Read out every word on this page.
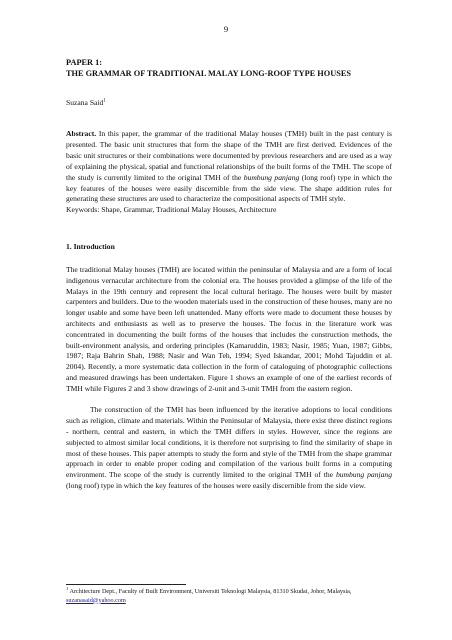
9
PAPER 1:
THE GRAMMAR OF TRADITIONAL MALAY LONG-ROOF TYPE HOUSES
Suzana Said$^1$
Abstract. In this paper, the grammar of the traditional Malay houses (TMH) built in the past century is presented. The basic unit structures that form the shape of the TMH are first derived. Evidences of the basic unit structures or their combinations were documented by previous researchers and are used as a way of explaining the physical, spatial and functional relationships of the built forms of the TMH. The scope of the study is currently limited to the original TMH of the bumbung panjang (long roof) type in which the key features of the houses were easily discernible from the side view. The shape addition rules for generating these structures are used to characterize the compositional aspects of TMH style.
Keywords: Shape, Grammar, Traditional Malay Houses, Architecture
1. Introduction

The traditional Malay houses (TMH) are located within the peninsular of Malaysia and are a form of local indigenous vernacular architecture from the colonial era. The houses provided a glimpse of the life of the Malays in the 19th century and represent the local cultural heritage. The houses were built by master carpenters and builders. Due to the wooden materials used in the construction of these houses, many are no longer usable and some have been left unattended. Many efforts were made to document these houses by architects and enthusiasts as well as to preserve the houses. The focus in the literature work was concentrated in documenting the built forms of the houses that includes the construction methods, the built-environment analysis, and ordering principles (Kamaruddin, 1983; Nasir, 1985; Yuan, 1987; Gibbs, 1987; Raja Bahrin Shah, 1988; Nasir and Wan Teh, 1994; Syed Iskandar, 2001; Mohd Tajuddin et al. 2004). Recently, a more systematic data collection in the form of cataloguing of photographic collections and measured drawings has been undertaken. Figure 1 shows an example of one of the earliest records of TMH while Figures 2 and 3 show drawings of 2-unit and 3-unit TMH from the eastern region.

The construction of the TMH has been influenced by the iterative adoptions to local conditions such as religion, climate and materials. Within the Peninsular of Malaysia, there exist three distinct regions - northern, central and eastern, in which the TMH differs in styles. However, since the regions are subjected to almost similar local conditions, it is therefore not surprising to find the similarity of shape in most of these houses. This paper attempts to study the form and style of the TMH from the shape grammar approach in order to enable proper coding and compilation of the various built forms in a computing environment. The scope of the study is currently limited to the original TMH of the bumbung panjang (long roof) type in which the key features of the houses were easily discernible from the side view.

$^1$ Architecture Dept., Faculty of Built Environment, Universiti Teknologi Malaysia, 81310 Skudai, Johor, Malaysia, suzanasaid@yahoo.com
